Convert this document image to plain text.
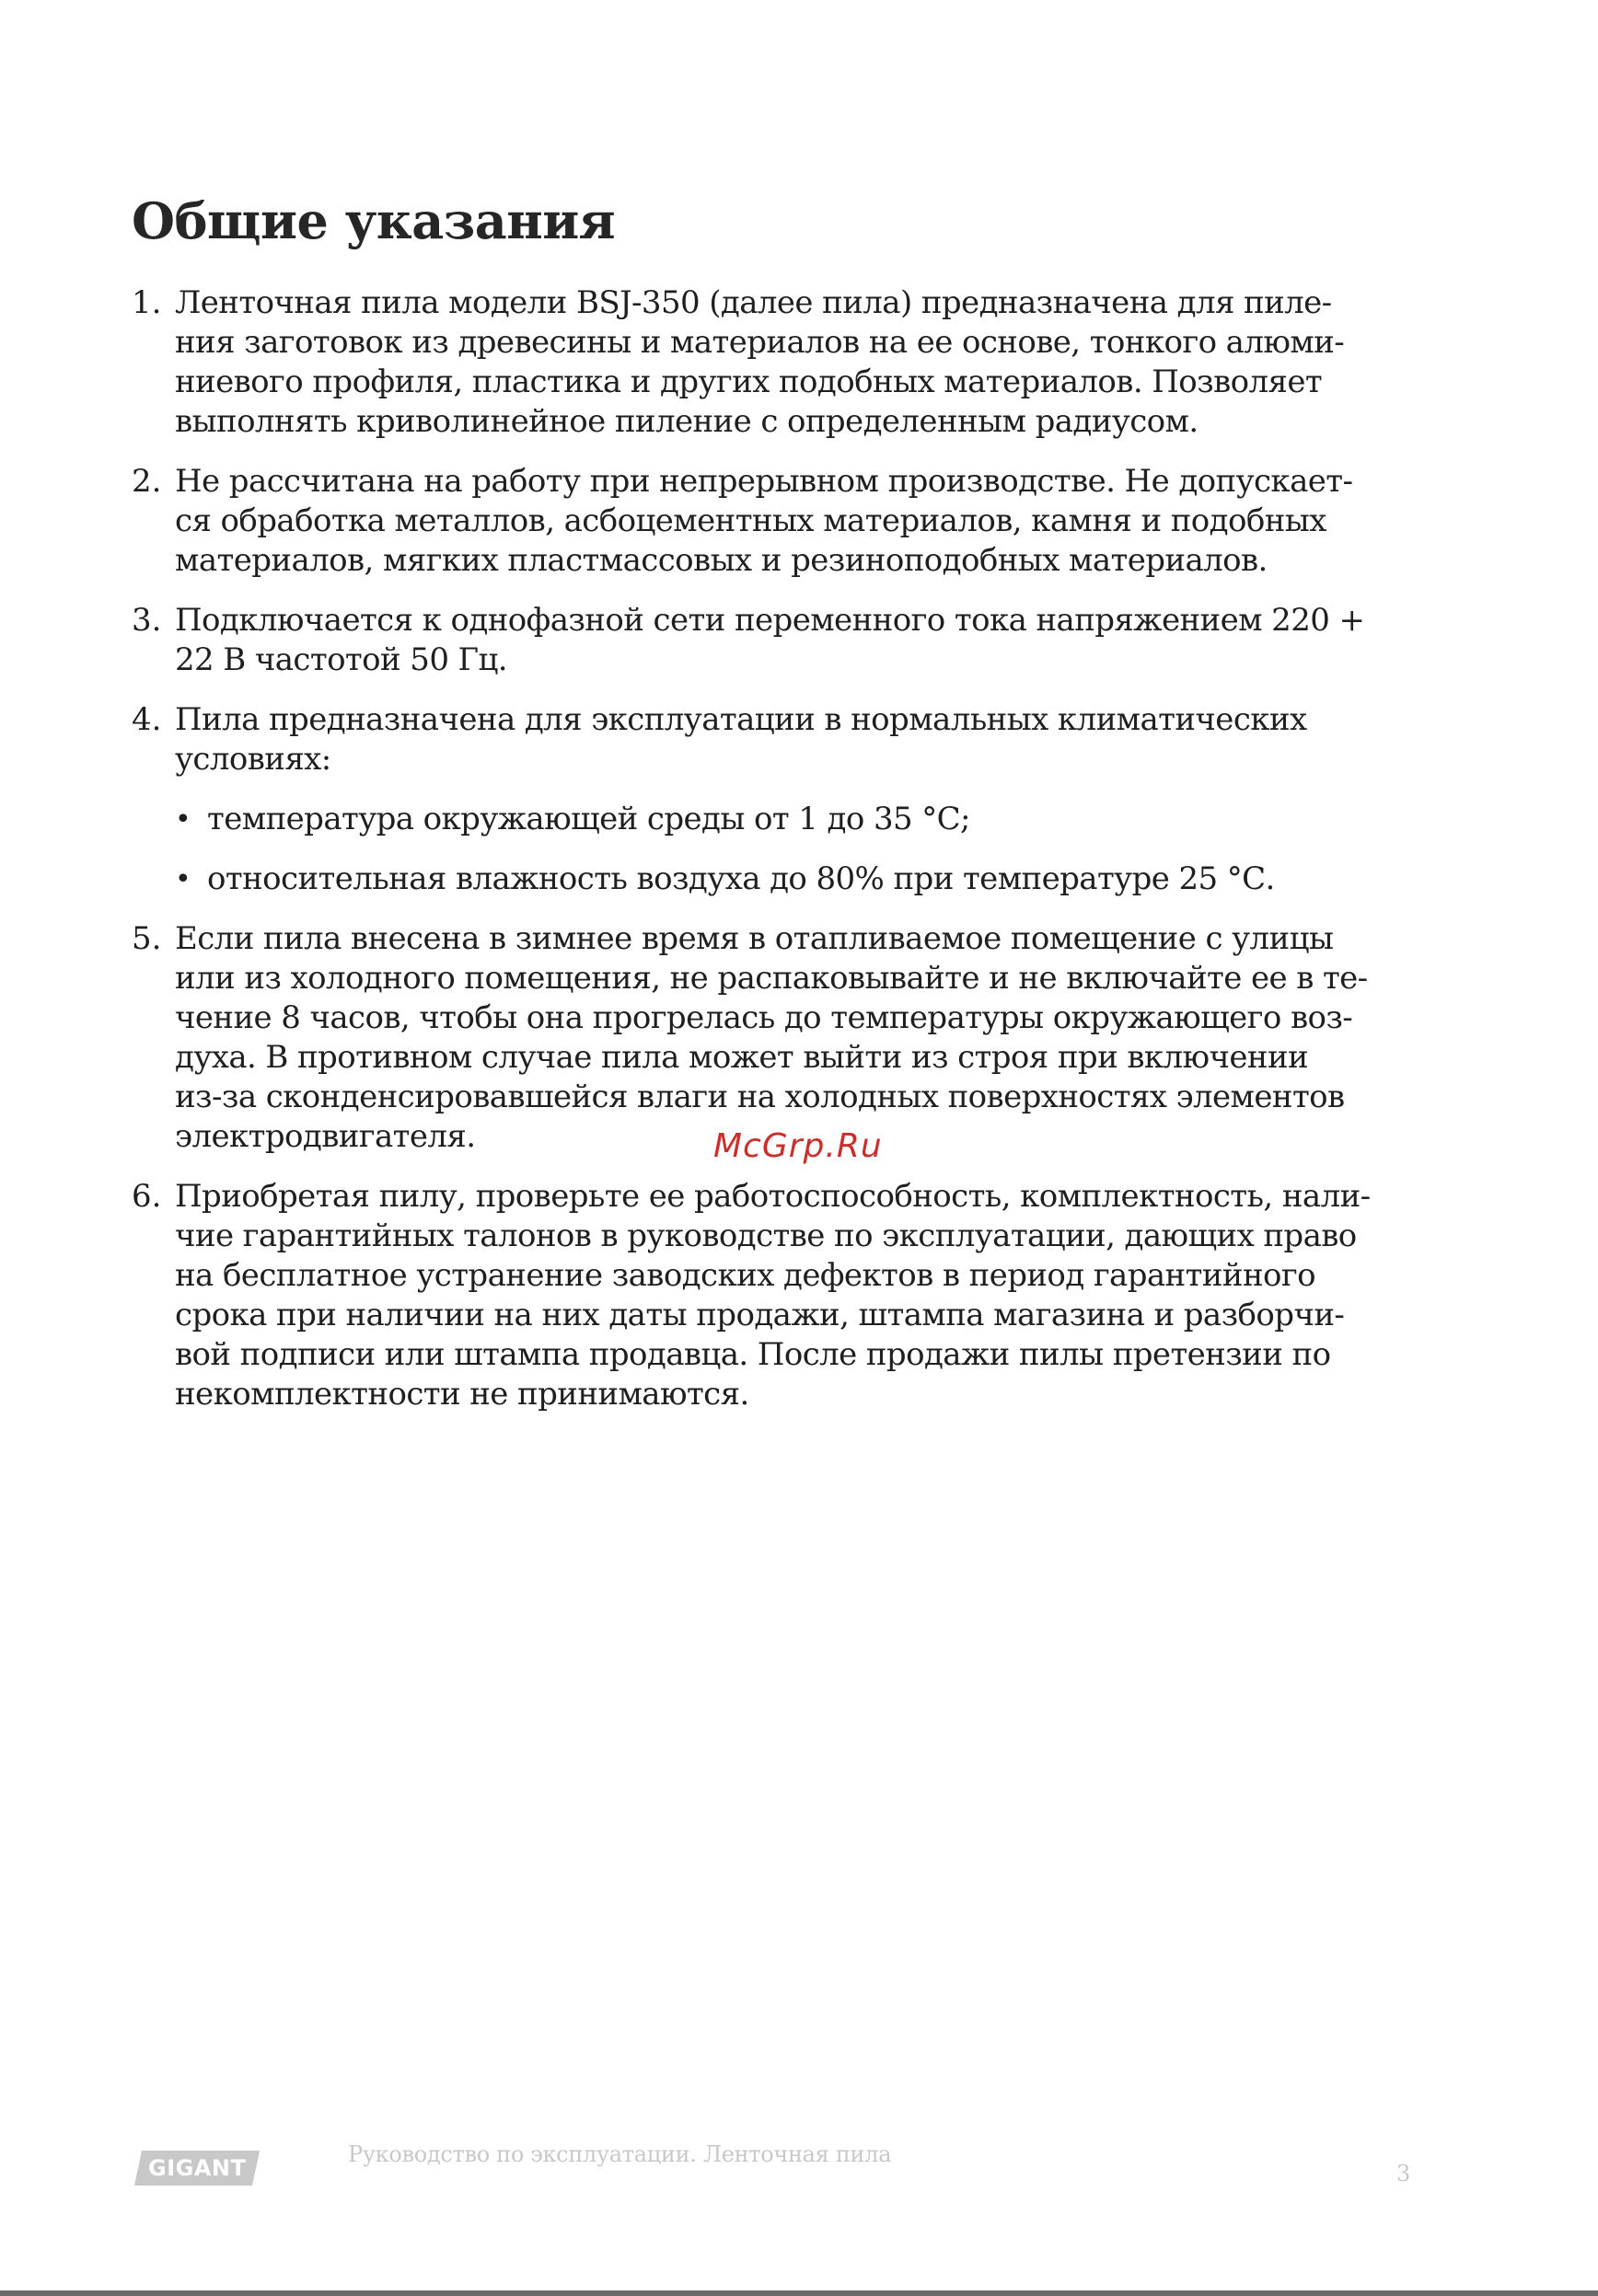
Общие указания
1. Ленточная пила модели BSJ-350 (далее пила) предназначена для пиле-
ния заготовок из древесины и материалов на ее основе, тонкого алюми-
ниевого профиля, пластика и других подобных материалов. Позволяет
выполнять криволинейное пиление с определенным радиусом.
2. Не рассчитана на работу при непрерывном производстве. Не допускает-
ся обработка металлов, асбоцементных материалов, камня и подобных
материалов, мягких пластмассовых и резиноподобных материалов.
3. Подключается к однофазной сети переменного тока напряжением 220 +
22 В частотой 50 Гц.
4. Пила предназначена для эксплуатации в нормальных климатических
условиях:
• температура окружающей среды от 1 до 35 °С;
• относительная влажность воздуха до 80% при температуре 25 °С.
5. Если пила внесена в зимнее время в отапливаемое помещение с улицы
или из холодного помещения, не распаковывайте и не включайте ее в те-
чение 8 часов, чтобы она прогрелась до температуры окружающего воз-
духа. В противном случае пила может выйти из строя при включении
из-за сконденсировавшейся влаги на холодных поверхностях элементов
электродвигателя.
6. Приобретая пилу, проверьте ее работоспособность, комплектность, нали-
чие гарантийных талонов в руководстве по эксплуатации, дающих право
на бесплатное устранение заводских дефектов в период гарантийного
срока при наличии на них даты продажи, штампа магазина и разборчи-
вой подписи или штампа продавца. После продажи пилы претензии по
некомплектности не принимаются.
McGrp.Ru
GIGANT
Руководство по эксплуатации. Ленточная пила
3
